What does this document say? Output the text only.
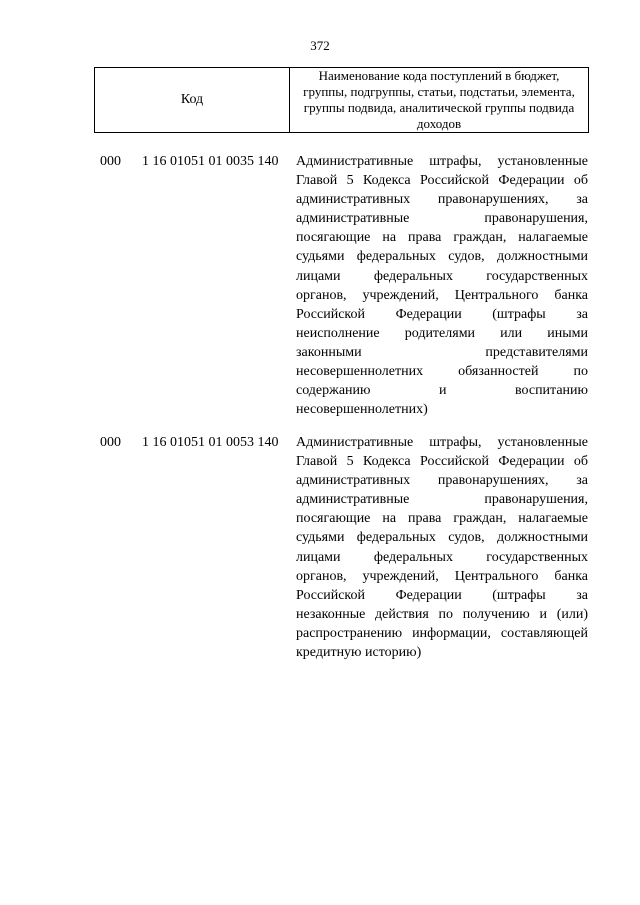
372
Код
Наименование кода поступлений в бюджет, группы, подгруппы, статьи, подстатьи, элемента, группы подвида, аналитической группы подвида доходов
000 1 16 01051 01 0035 140 Административные штрафы, установленные
Главой 5 Кодекса Российской Федерации об
административных правонарушениях, за
административные правонарушения,
посягающие на права граждан, налагаемые
судьями федеральных судов, должностными
лицами федеральных государственных
органов, учреждений, Центрального банка
Российской Федерации (штрафы за
неисполнение родителями или иными
законными представителями
несовершеннолетних обязанностей по
содержанию и воспитанию
несовершеннолетних)
000 1 16 01051 01 0053 140 Административные штрафы, установленные
Главой 5 Кодекса Российской Федерации об
административных правонарушениях, за
административные правонарушения,
посягающие на права граждан, налагаемые
судьями федеральных судов, должностными
лицами федеральных государственных
органов, учреждений, Центрального банка
Российской Федерации (штрафы за
незаконные действия по получению и (или)
распространению информации, составляющей
кредитную историю)
